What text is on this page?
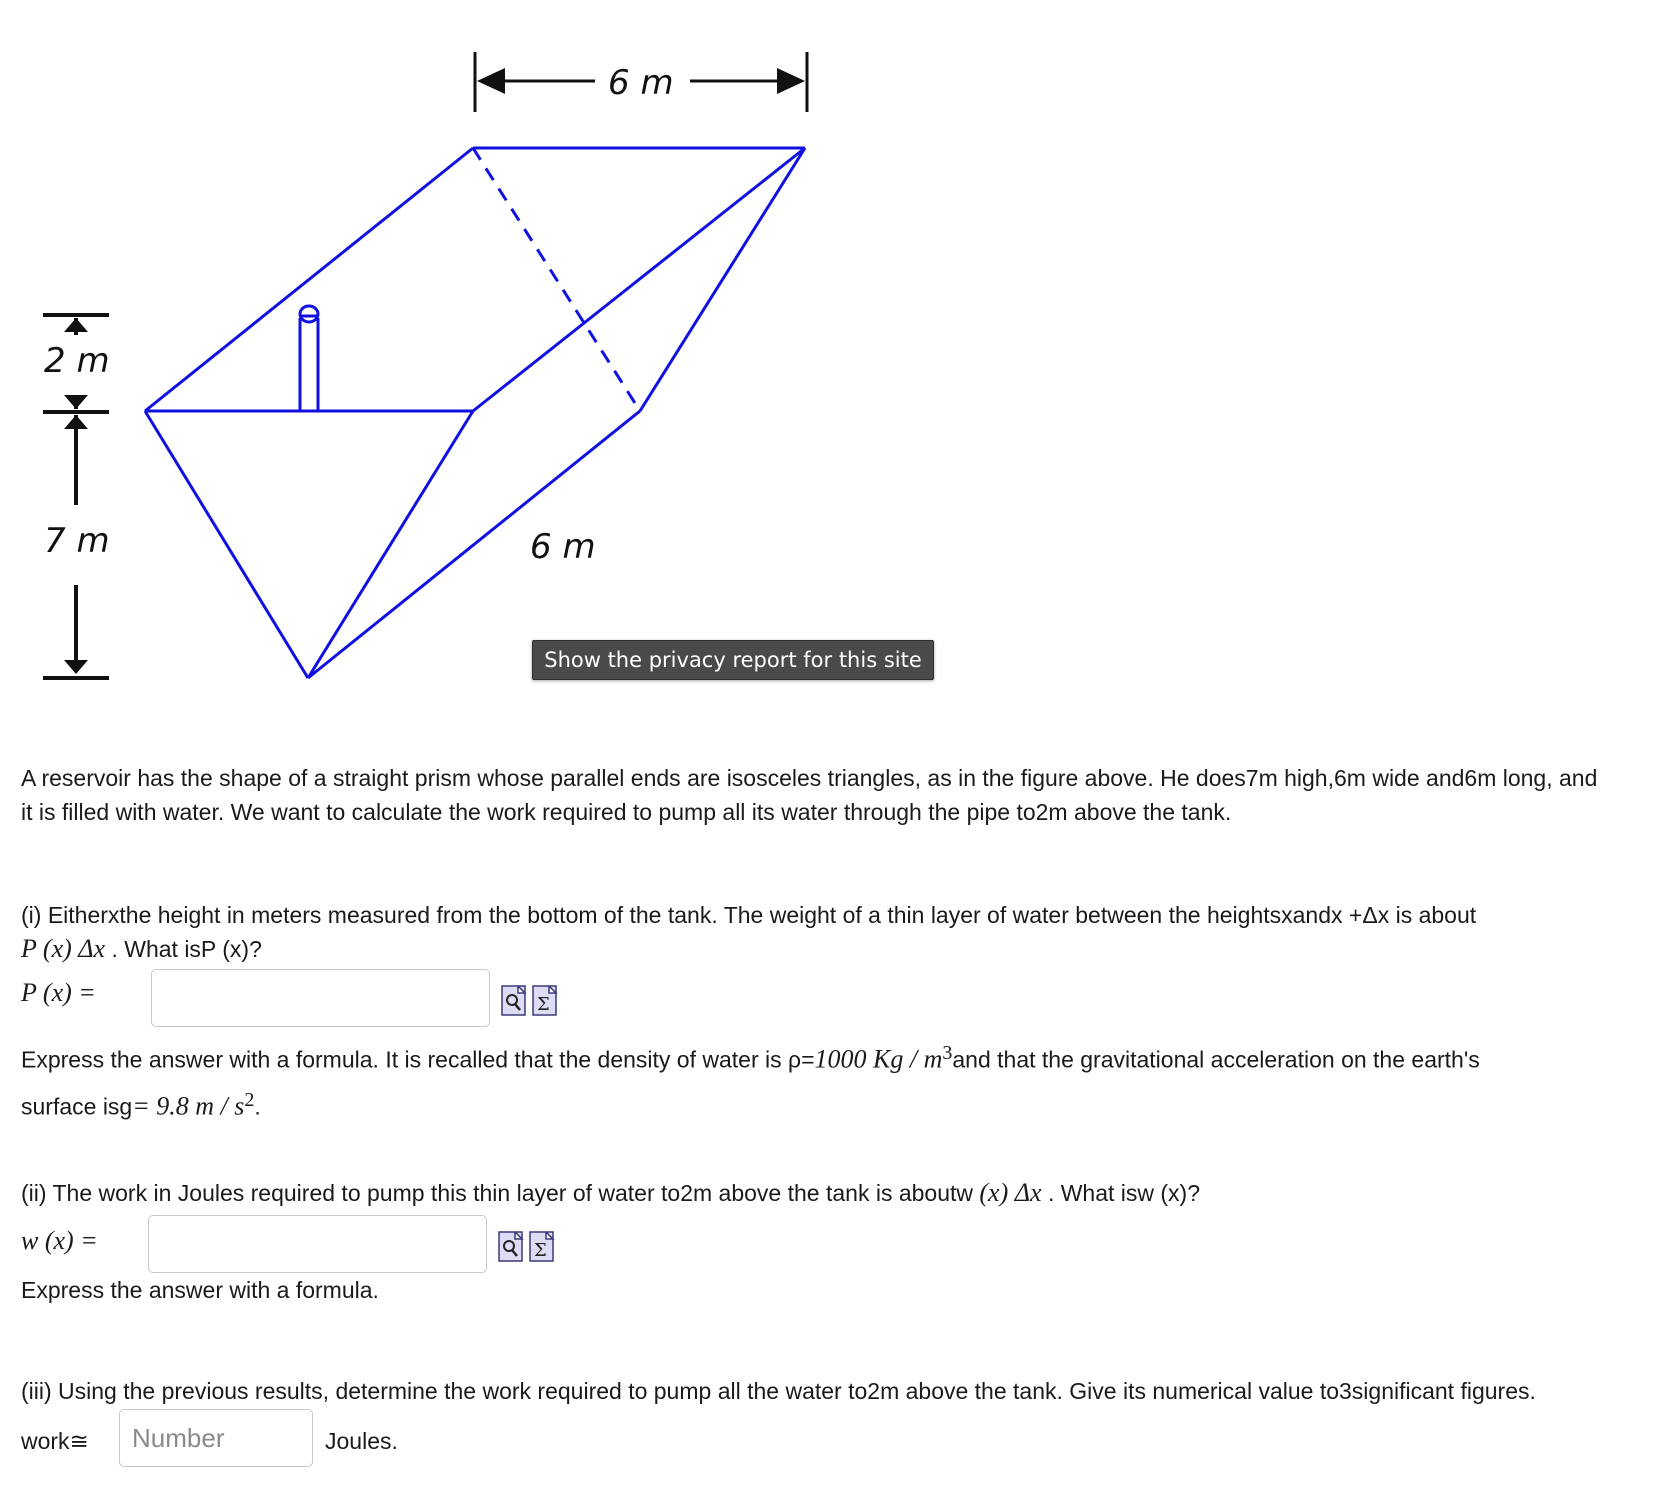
6 m
2 m
7 m	6 m
Show the privacy report for this site
A reservoir has the shape of a straight prism whose parallel ends are isosceles triangles, as in the figure above. He does7m high,6m wide and6m long, and
it is filled with water. We want to calculate the work required to pump all its water through the pipe to2m above the tank.
(i) Eitherxthe height in meters measured from the bottom of the tank. The weight of a thin layer of water between the heightsxandx +Δx is about
P (x) Δx . What isP (x)?
P (x) =	Σ
Express the answer with a formula. It is recalled that the density of water is ρ=1000 Kg / $m^3and$ that the gravitational acceleration on the earth's
surface isg= 9.8 m / $s^2$.
(ii) The work in Joules required to pump this thin layer of water to2m above the tank is aboutw (x) Δx . What isw (x)?
w (x) =	Σ
Express the answer with a formula.
(iii) Using the previous results, determine the work required to pump all the water to2m above the tank. Give its numerical value to3significant figures.
work≅
Number	Joules.
